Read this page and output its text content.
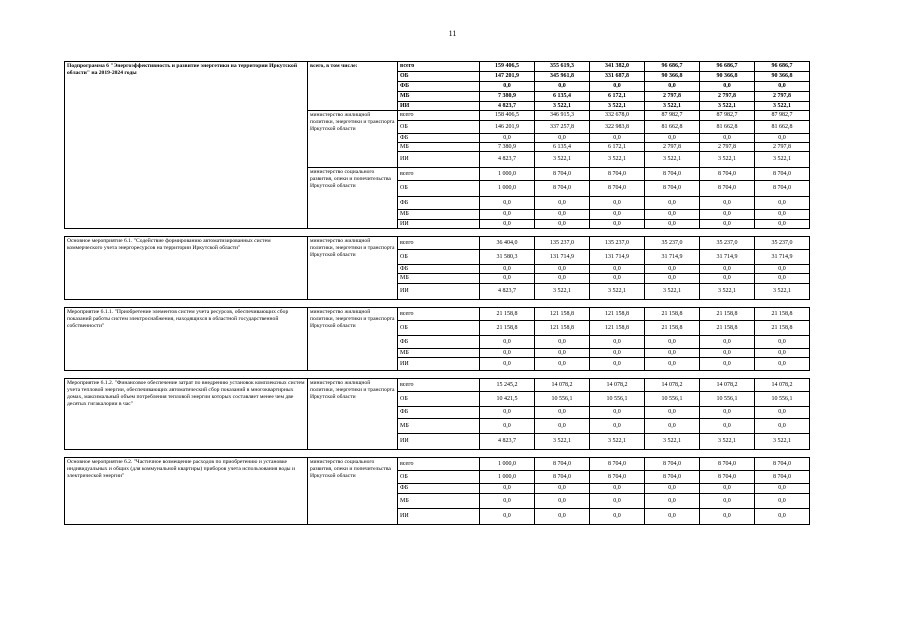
11
Подпрограмма 6 "Энергоэффективность и развитие энергетики на территории Иркутской области" на 2019-2024 годы	всего, в том числе:	всего	159 406,5	355 619,3	341 382,0	96 686,7	96 686,7	96 686,7
		ОБ	147 201,9	345 961,8	331 687,8	90 366,8	90 366,8	90 366,8
		ФБ	0,0	0,0	0,0	0,0	0,0	0,0
		МБ	7 380,9	6 135,4	6 172,1	2 797,8	2 797,8	2 797,8
		ИИ	4 823,7	3 522,1	3 522,1	3 522,1	3 522,1	3 522,1
	министерство жилищной политики, энергетики и транспорта Иркутской области	всего	158 406,5	346 915,3	332 678,0	87 982,7	87 982,7	87 982,7
		ОБ	146 201,9	337 257,8	322 983,8	81 662,8	81 662,8	81 662,8
		ФБ	0,0	0,0	0,0	0,0	0,0	0,0
		МБ	7 380,9	6 135,4	6 172,1	2 797,8	2 797,8	2 797,8
		ИИ	4 823,7	3 522,1	3 522,1	3 522,1	3 522,1	3 522,1
	министерство социального развития, опеки и попечительства Иркутской области	всего	1 000,0	8 704,0	8 704,0	8 704,0	8 704,0	8 704,0
		ОБ	1 000,0	8 704,0	8 704,0	8 704,0	8 704,0	8 704,0
		ФБ	0,0	0,0	0,0	0,0	0,0	0,0
		МБ	0,0	0,0	0,0	0,0	0,0	0,0
		ИИ	0,0	0,0	0,0	0,0	0,0	0,0

Основное мероприятие 6.1. "Содействие формированию автоматизированных систем коммерческого учета энергоресурсов на территории Иркутской области"	министерство жилищной политики, энергетики и транспорта Иркутской области	всего	36 404,0	135 237,0	135 237,0	35 237,0	35 237,0	35 237,0
		ОБ	31 580,3	131 714,9	131 714,9	31 714,9	31 714,9	31 714,9
		ФБ	0,0	0,0	0,0	0,0	0,0	0,0
		МБ	0,0	0,0	0,0	0,0	0,0	0,0
		ИИ	4 823,7	3 522,1	3 522,1	3 522,1	3 522,1	3 522,1

Мероприятие 6.1.1. "Приобретение элементов систем учета ресурсов, обеспечивающих сбор показаний работы систем электроснабжения, находящихся в областной государственной собственности"	министерство жилищной политики, энергетики и транспорта Иркутской области	всего	21 158,8	121 158,8	121 158,8	21 158,8	21 158,8	21 158,8
		ОБ	21 158,8	121 158,8	121 158,8	21 158,8	21 158,8	21 158,8
		ФБ	0,0	0,0	0,0	0,0	0,0	0,0
		МБ	0,0	0,0	0,0	0,0	0,0	0,0
		ИИ	0,0	0,0	0,0	0,0	0,0	0,0

Мероприятие 6.1.2. "Финансовое обеспечение затрат по внедрению установок комплексных систем учета тепловой энергии, обеспечивающих автоматический сбор показаний в многоквартирных домах, максимальный объем потребления тепловой энергии которых составляет менее чем две десятых гигакалории в час"	министерство жилищной политики, энергетики и транспорта Иркутской области	всего	15 245,2	14 078,2	14 078,2	14 078,2	14 078,2	14 078,2
		ОБ	10 421,5	10 556,1	10 556,1	10 556,1	10 556,1	10 556,1
		ФБ	0,0	0,0	0,0	0,0	0,0	0,0
		МБ	0,0	0,0	0,0	0,0	0,0	0,0
		ИИ	4 823,7	3 522,1	3 522,1	3 522,1	3 522,1	3 522,1

Основное мероприятие 6.2. "Частичное возмещение расходов по приобретению и установке индивидуальных и общих (для коммунальной квартиры) приборов учета использования воды и электрической энергии"	министерство социального развития, опеки и попечительства Иркутской области	всего	1 000,0	8 704,0	8 704,0	8 704,0	8 704,0	8 704,0
		ОБ	1 000,0	8 704,0	8 704,0	8 704,0	8 704,0	8 704,0
		ФБ	0,0	0,0	0,0	0,0	0,0	0,0
		МБ	0,0	0,0	0,0	0,0	0,0	0,0
		ИИ	0,0	0,0	0,0	0,0	0,0	0,0
